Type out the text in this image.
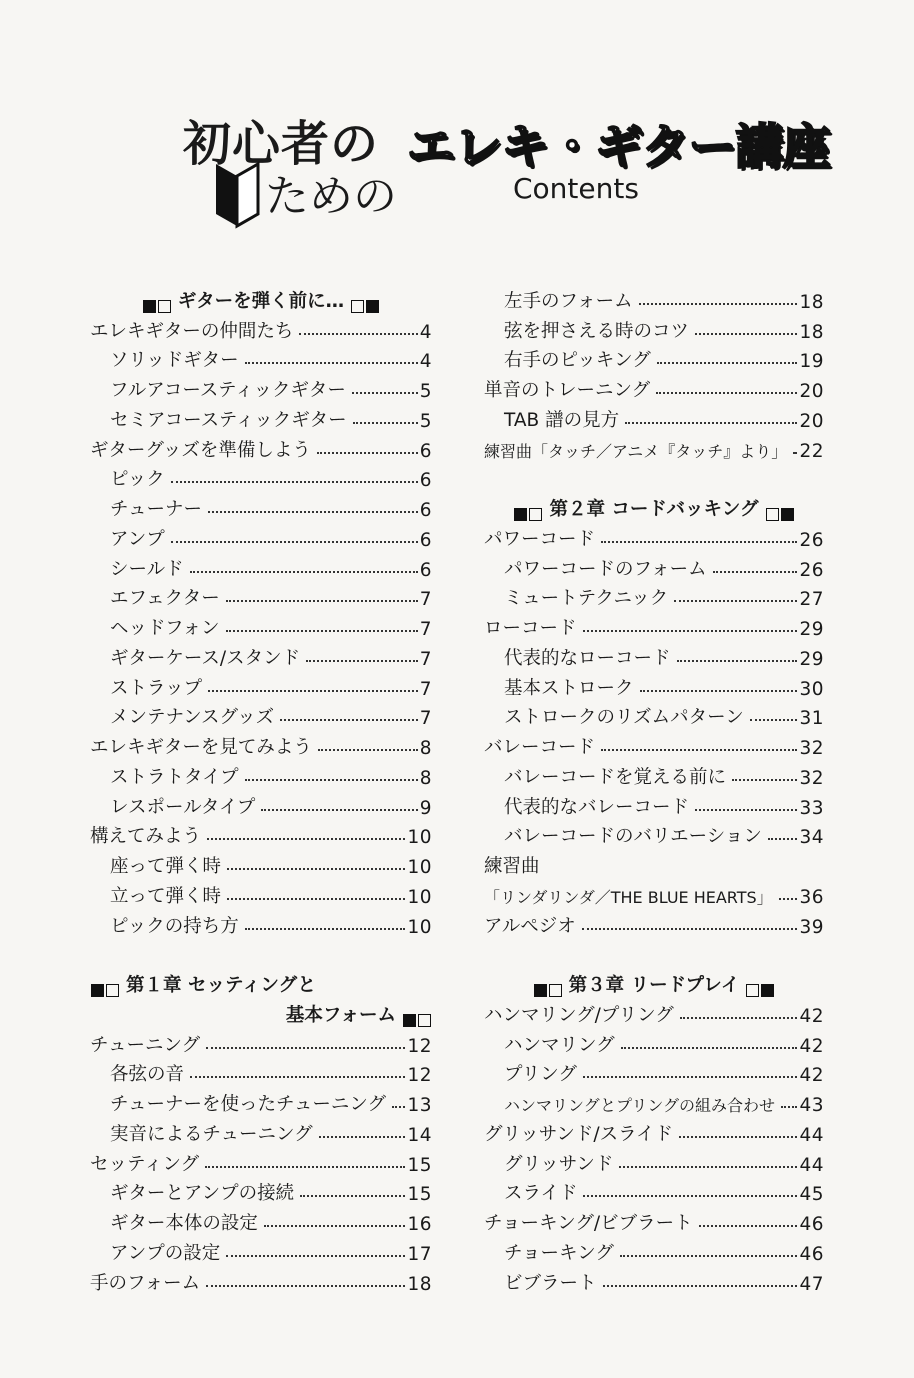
初心者の
ための
エレキ・ギター講座
Contents
ギターを弾く前に…
エレキギターの仲間たち	4
ソリッドギター	4
フルアコースティックギター	5
セミアコースティックギター	5
ギターグッズを準備しよう	6
ピック	6
チューナー	6
アンプ	6
シールド	6
エフェクター	7
ヘッドフォン	7
ギターケース/スタンド	7
ストラップ	7
メンテナンスグッズ	7
エレキギターを見てみよう	8
ストラトタイプ	8
レスポールタイプ	9
構えてみよう	10
座って弾く時	10
立って弾く時	10
ピックの持ち方	10
第１章 セッティングと
基本フォーム
チューニング	12
各弦の音	12
チューナーを使ったチューニング 13
実音によるチューニング	14
セッティング	15
ギターとアンプの接続	15
ギター本体の設定	16
アンプの設定	17
手のフォーム	18
左手のフォーム	18
弦を押さえる時のコツ	18
右手のピッキング	19
単音のトレーニング	20
TAB 譜の見方	20
練習曲「タッチ／アニメ『タッチ』より」 22
第２章 コードバッキング
パワーコード	26
パワーコードのフォーム	26
ミュートテクニック	27
ローコード	29
代表的なローコード	29
基本ストローク	30
ストロークのリズムパターン	31
バレーコード	32
バレーコードを覚える前に	32
代表的なバレーコード	33
バレーコードのバリエーション 34
練習曲
「リンダリンダ／THE BLUE HEARTS」 36
アルペジオ	39
第３章 リードプレイ
ハンマリング/プリング	42
ハンマリング	42
プリング	42
ハンマリングとプリングの組み合わせ 43
グリッサンド/スライド	44
グリッサンド	44
スライド	45
チョーキング/ビブラート	46
チョーキング	46
ビブラート	47
